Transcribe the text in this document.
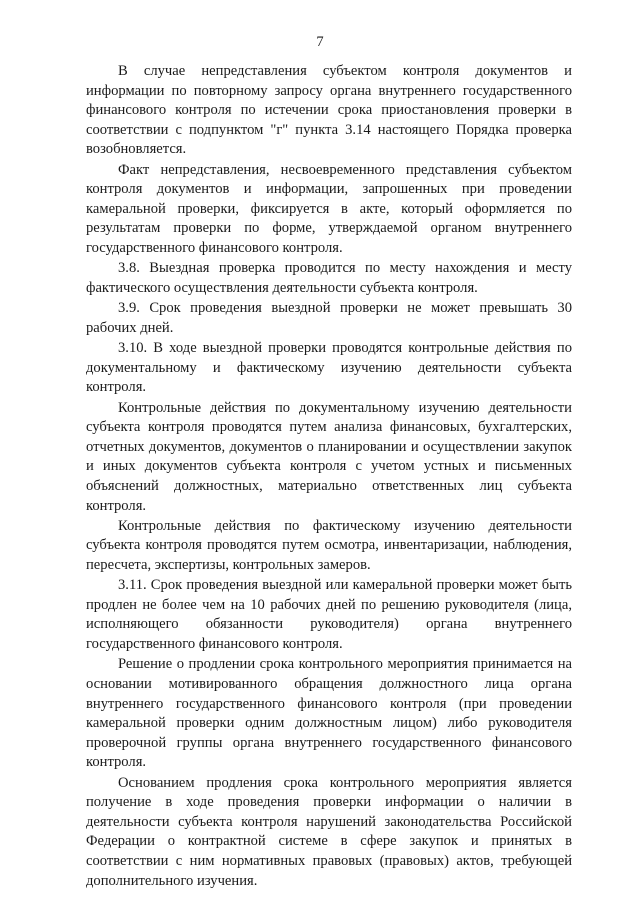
7

В случае непредставления субъектом контроля документов и информации по повторному запросу органа внутреннего государственного финансового контроля по истечении срока приостановления проверки в соответствии с подпунктом "г" пункта 3.14 настоящего Порядка проверка возобновляется.

Факт непредставления, несвоевременного представления субъектом контроля документов и информации, запрошенных при проведении камеральной проверки, фиксируется в акте, который оформляется по результатам проверки по форме, утверждаемой органом внутреннего государственного финансового контроля.

3.8. Выездная проверка проводится по месту нахождения и месту фактического осуществления деятельности субъекта контроля.

3.9. Срок проведения выездной проверки не может превышать 30 рабочих дней.

3.10. В ходе выездной проверки проводятся контрольные действия по документальному и фактическому изучению деятельности субъекта контроля.

Контрольные действия по документальному изучению деятельности субъекта контроля проводятся путем анализа финансовых, бухгалтерских, отчетных документов, документов о планировании и осуществлении закупок и иных документов субъекта контроля с учетом устных и письменных объяснений должностных, материально ответственных лиц субъекта контроля.

Контрольные действия по фактическому изучению деятельности субъекта контроля проводятся путем осмотра, инвентаризации, наблюдения, пересчета, экспертизы, контрольных замеров.

3.11. Срок проведения выездной или камеральной проверки может быть продлен не более чем на 10 рабочих дней по решению руководителя (лица, исполняющего обязанности руководителя) органа внутреннего государственного финансового контроля.

Решение о продлении срока контрольного мероприятия принимается на основании мотивированного обращения должностного лица органа внутреннего государственного финансового контроля (при проведении камеральной проверки одним должностным лицом) либо руководителя проверочной группы органа внутреннего государственного финансового контроля.

Основанием продления срока контрольного мероприятия является получение в ходе проведения проверки информации о наличии в деятельности субъекта контроля нарушений законодательства Российской Федерации о контрактной системе в сфере закупок и принятых в соответствии с ним нормативных правовых (правовых) актов, требующей дополнительного изучения.
